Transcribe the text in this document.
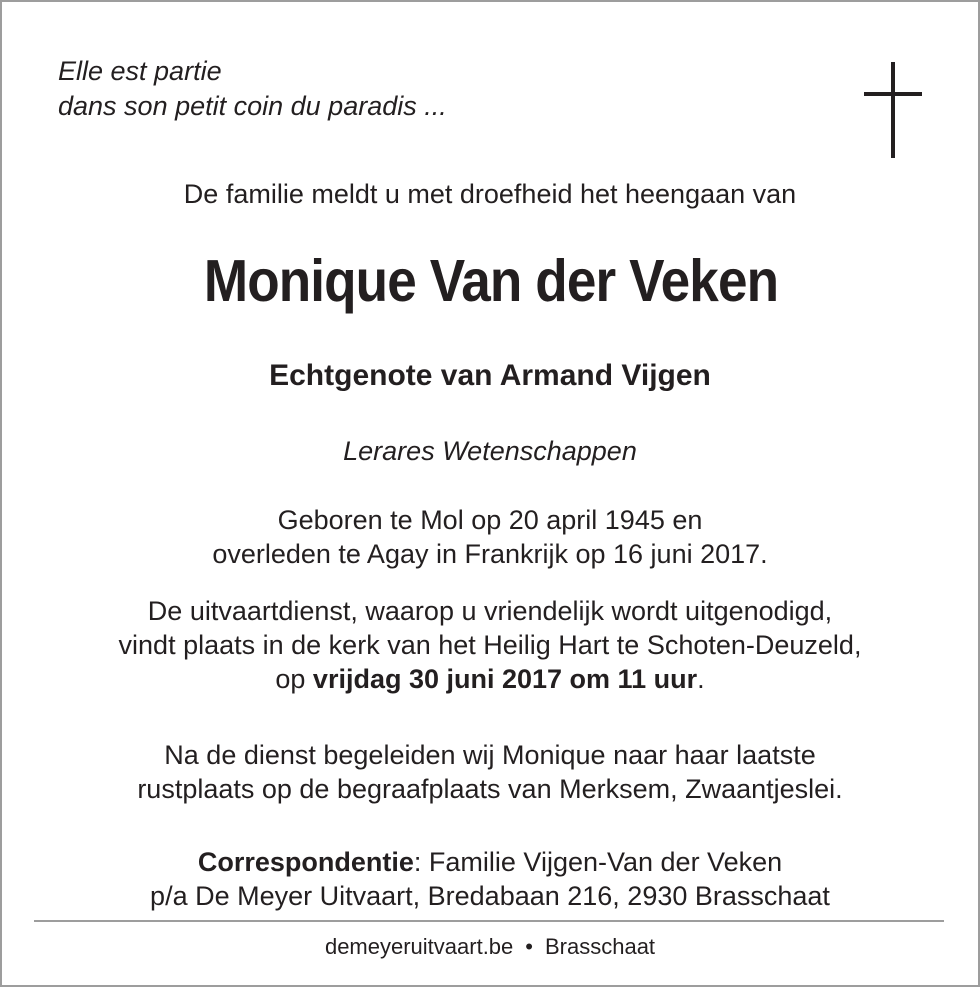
Elle est partie
dans son petit coin du paradis ...
De familie meldt u met droefheid het heengaan van
Monique Van der Veken
Echtgenote van Armand Vijgen
Lerares Wetenschappen
Geboren te Mol op 20 april 1945 en
overleden te Agay in Frankrijk op 16 juni 2017.
De uitvaartdienst, waarop u vriendelijk wordt uitgenodigd,
vindt plaats in de kerk van het Heilig Hart te Schoten-Deuzeld,
op vrijdag 30 juni 2017 om 11 uur.
Na de dienst begeleiden wij Monique naar haar laatste
rustplaats op de begraafplaats van Merksem, Zwaantjeslei.
Correspondentie: Familie Vijgen-Van der Veken
p/a De Meyer Uitvaart, Bredabaan 216, 2930 Brasschaat
demeyeruitvaart.be • Brasschaat
